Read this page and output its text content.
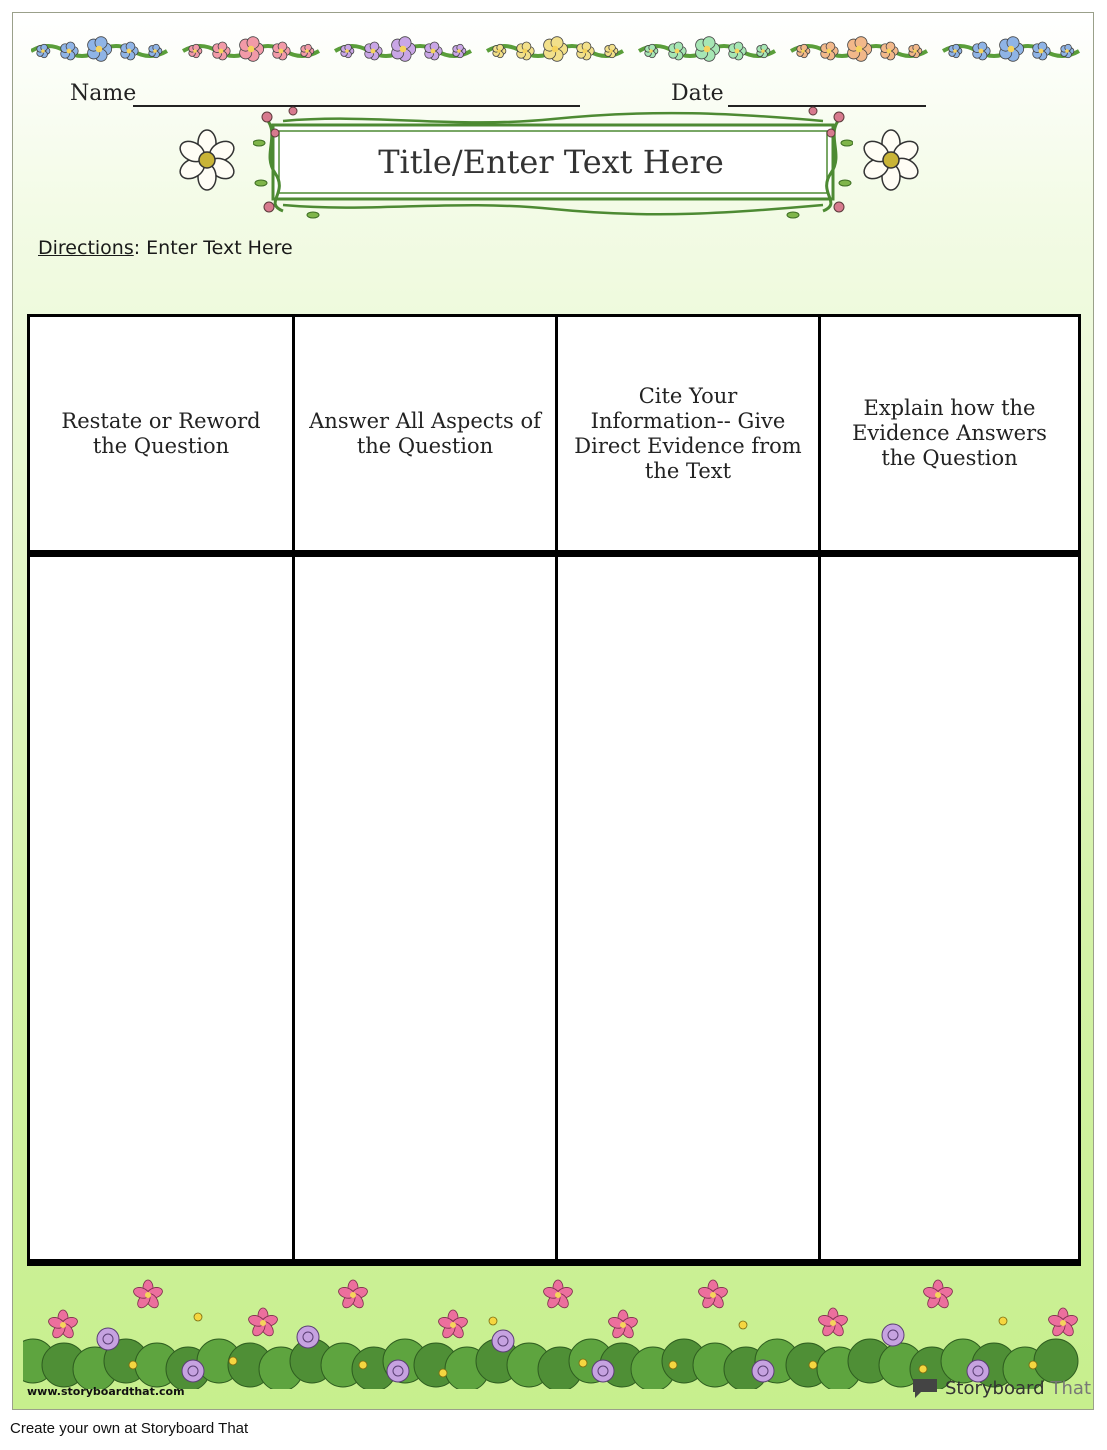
Name	Date
Title/Enter Text Here
Directions: Enter Text Here
Restate or Reword the Question
Answer All Aspects of the Question
Cite Your Information-- Give Direct Evidence from the Text
Explain how the Evidence Answers the Question
www.storyboardthat.com	Storyboard That
Create your own at Storyboard That
